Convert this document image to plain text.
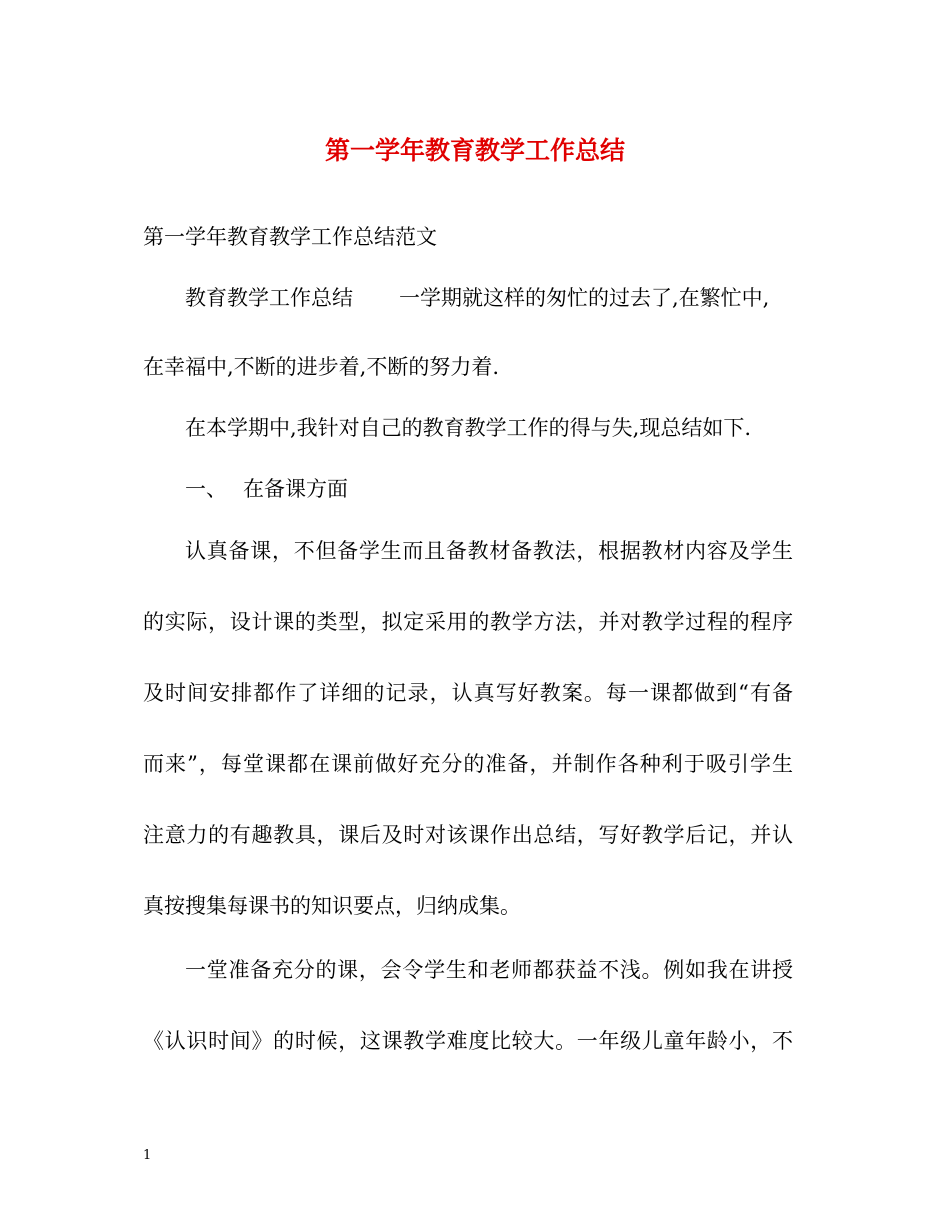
第一学年教育教学工作总结

第一学年教育教学工作总结范文

教育教学工作总结 一学期就这样的匆忙的过去了,在繁忙中,

在幸福中,不断的进步着,不断的努力着.

在本学期中,我针对自己的教育教学工作的得与失,现总结如下.

一、 在备课方面

认真备课，不但备学生而且备教材备教法，根据教材内容及学生

的实际，设计课的类型，拟定采用的教学方法，并对教学过程的程序

及时间安排都作了详细的记录，认真写好教案。每一课都做到“有备

而来”，每堂课都在课前做好充分的准备，并制作各种利于吸引学生

注意力的有趣教具，课后及时对该课作出总结，写好教学后记，并认

真按搜集每课书的知识要点，归纳成集。

一堂准备充分的课，会令学生和老师都获益不浅。例如我在讲授

《认识时间》的时候，这课教学难度比较大。一年级儿童年龄小，不

1
